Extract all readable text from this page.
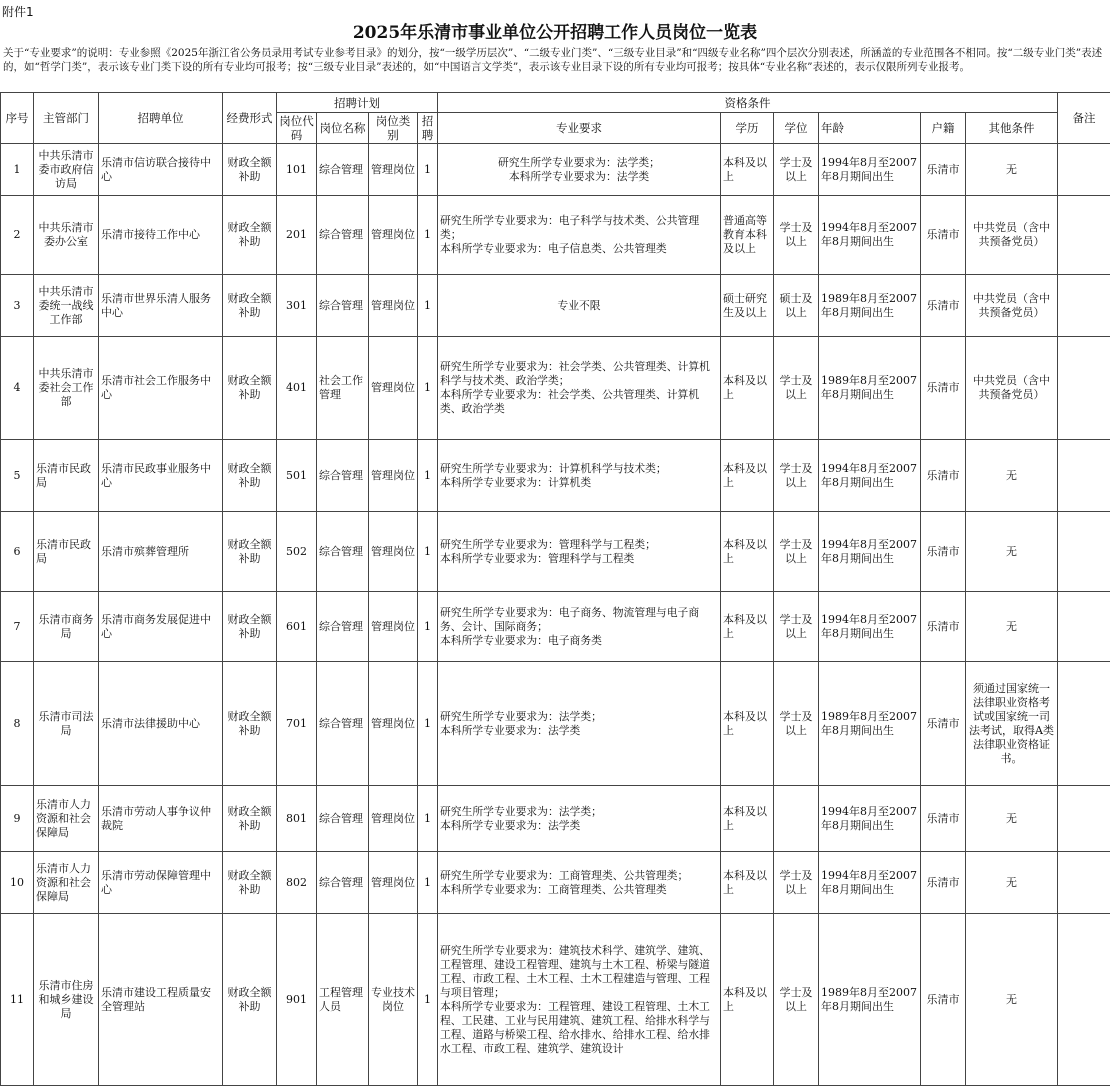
附件1
2025年乐清市事业单位公开招聘工作人员岗位一览表
关于“专业要求”的说明：专业参照《2025年浙江省公务员录用考试专业参考目录》的划分，按“一级学历层次”、“二级专业门类”、“三级专业目录”和“四级专业名称”四个层次分别表述，所涵盖的专业范围各不相同。按“二级专业门类”表述的，如“哲学门类”，表示该专业门类下设的所有专业均可报考；按“三级专业目录”表述的，如“中国语言文学类”，表示该专业目录下设的所有专业均可报考；按具体“专业名称”表述的，表示仅限所列专业报考。
序号	主管部门	招聘单位	经费形式	招聘计划				资格条件						备注
				岗位代码	岗位名称	岗位类别	招聘	专业要求	学历	学位	年龄	户籍	其他条件	
1	中共乐清市委市政府信访局	乐清市信访联合接待中心	财政全额补助	101	综合管理	管理岗位	1	研究生所学专业要求为：法学类；
本科所学专业要求为：法学类	本科及以上	学士及以上	1994年8月至2007年8月期间出生	乐清市	无	
2	中共乐清市委办公室	乐清市接待工作中心	财政全额补助	201	综合管理	管理岗位	1	研究生所学专业要求为：电子科学与技术类、公共管理类；
本科所学专业要求为：电子信息类、公共管理类	普通高等教育本科及以上	学士及以上	1994年8月至2007年8月期间出生	乐清市	中共党员（含中共预备党员）	
3	中共乐清市委统一战线工作部	乐清市世界乐清人服务中心	财政全额补助	301	综合管理	管理岗位	1	专业不限	硕士研究生及以上	硕士及以上	1989年8月至2007年8月期间出生	乐清市	中共党员（含中共预备党员）	
4	中共乐清市委社会工作部	乐清市社会工作服务中心	财政全额补助	401	社会工作管理	管理岗位	1	研究生所学专业要求为：社会学类、公共管理类、计算机科学与技术类、政治学类；
本科所学专业要求为：社会学类、公共管理类、计算机类、政治学类	本科及以上	学士及以上	1989年8月至2007年8月期间出生	乐清市	中共党员（含中共预备党员）	
5	乐清市民政局	乐清市民政事业服务中心	财政全额补助	501	综合管理	管理岗位	1	研究生所学专业要求为：计算机科学与技术类；
本科所学专业要求为：计算机类	本科及以上	学士及以上	1994年8月至2007年8月期间出生	乐清市	无	
6	乐清市民政局	乐清市殡葬管理所	财政全额补助	502	综合管理	管理岗位	1	研究生所学专业要求为：管理科学与工程类；
本科所学专业要求为：管理科学与工程类	本科及以上	学士及以上	1994年8月至2007年8月期间出生	乐清市	无	
7	乐清市商务局	乐清市商务发展促进中心	财政全额补助	601	综合管理	管理岗位	1	研究生所学专业要求为：电子商务、物流管理与电子商务、会计、国际商务；
本科所学专业要求为：电子商务类	本科及以上	学士及以上	1994年8月至2007年8月期间出生	乐清市	无	
8	乐清市司法局	乐清市法律援助中心	财政全额补助	701	综合管理	管理岗位	1	研究生所学专业要求为：法学类；
本科所学专业要求为：法学类	本科及以上	学士及以上	1989年8月至2007年8月期间出生	乐清市	须通过国家统一法律职业资格考试或国家统一司法考试，取得A类法律职业资格证书。	
9	乐清市人力资源和社会保障局	乐清市劳动人事争议仲裁院	财政全额补助	801	综合管理	管理岗位	1	研究生所学专业要求为：法学类；
本科所学专业要求为：法学类	本科及以上		1994年8月至2007年8月期间出生	乐清市	无	
10	乐清市人力资源和社会保障局	乐清市劳动保障管理中心	财政全额补助	802	综合管理	管理岗位	1	研究生所学专业要求为：工商管理类、公共管理类；
本科所学专业要求为：工商管理类、公共管理类	本科及以上	学士及以上	1994年8月至2007年8月期间出生	乐清市	无	
11	乐清市住房和城乡建设局	乐清市建设工程质量安全管理站	财政全额补助	901	工程管理人员	专业技术岗位	1	研究生所学专业要求为：建筑技术科学、建筑学、建筑、工程管理、建设工程管理、建筑与土木工程、桥梁与隧道工程、市政工程、土木工程、土木工程建造与管理、工程与项目管理；
本科所学专业要求为：工程管理、建设工程管理、土木工程、工民建、工业与民用建筑、建筑工程、给排水科学与工程、道路与桥梁工程、给水排水、给排水工程、给水排水工程、市政工程、建筑学、建筑设计	本科及以上	学士及以上	1989年8月至2007年8月期间出生	乐清市	无	
